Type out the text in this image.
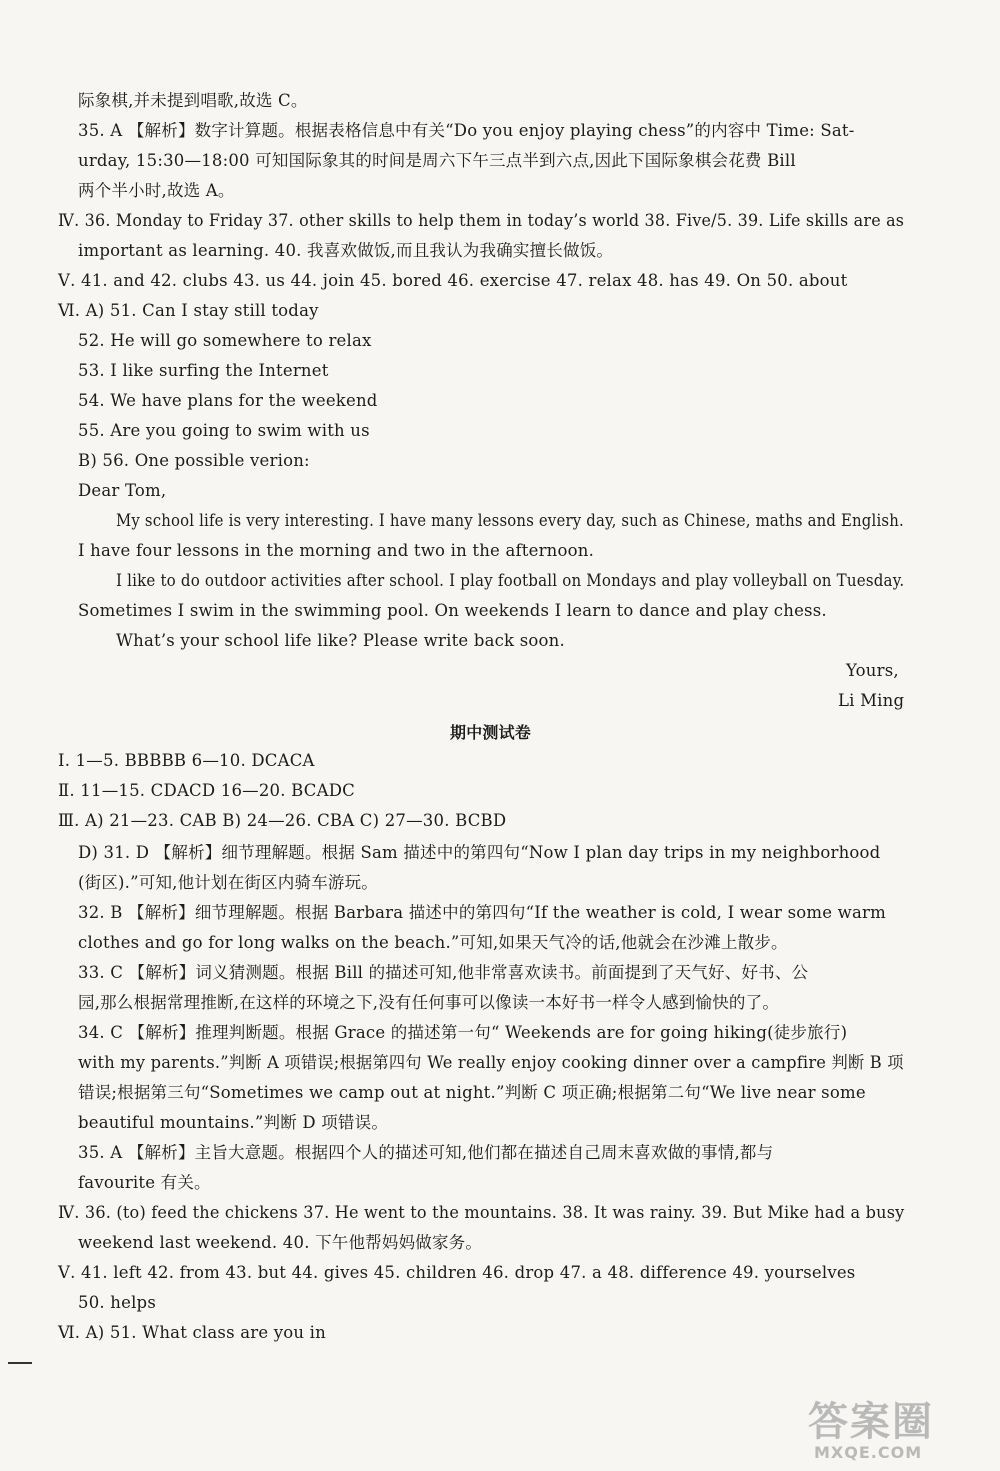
际象棋,并未提到唱歌,故选 C。
35. A 【解析】数字计算题。根据表格信息中有关“Do you enjoy playing chess”的内容中 Time: Sat-
urday, 15:30—18:00 可知国际象其的时间是周六下午三点半到六点,因此下国际象棋会花费 Bill
两个半小时,故选 A。
Ⅳ. 36. Monday to Friday 37. other skills to help them in today’s world 38. Five/5. 39. Life skills are as
important as learning. 40. 我喜欢做饭,而且我认为我确实擅长做饭。
Ⅴ. 41. and 42. clubs 43. us 44. join 45. bored 46. exercise 47. relax 48. has 49. On 50. about
Ⅵ. A) 51. Can I stay still today
52. He will go somewhere to relax
53. I like surfing the Internet
54. We have plans for the weekend
55. Are you going to swim with us
B) 56. One possible verion:
Dear Tom,
My school life is very interesting. I have many lessons every day, such as Chinese, maths and English.
I have four lessons in the morning and two in the afternoon.
I like to do outdoor activities after school. I play football on Mondays and play volleyball on Tuesday.
Sometimes I swim in the swimming pool. On weekends I learn to dance and play chess.
What’s your school life like? Please write back soon.
Yours,
Li Ming
期中测试卷
Ⅰ. 1—5. BBBBB 6—10. DCACA
Ⅱ. 11—15. CDACD 16—20. BCADC
Ⅲ. A) 21—23. CAB B) 24—26. CBA C) 27—30. BCBD
D) 31. D 【解析】细节理解题。根据 Sam 描述中的第四句“Now I plan day trips in my neighborhood
(街区).”可知,他计划在街区内骑车游玩。
32. B 【解析】细节理解题。根据 Barbara 描述中的第四句“If the weather is cold, I wear some warm
clothes and go for long walks on the beach.”可知,如果天气冷的话,他就会在沙滩上散步。
33. C 【解析】词义猜测题。根据 Bill 的描述可知,他非常喜欢读书。前面提到了天气好、好书、公
园,那么根据常理推断,在这样的环境之下,没有任何事可以像读一本好书一样令人感到愉快的了。
34. C 【解析】推理判断题。根据 Grace 的描述第一句“ Weekends are for going hiking(徒步旅行)
with my parents.”判断 A 项错误;根据第四句 We really enjoy cooking dinner over a campfire 判断 B 项
错误;根据第三句“Sometimes we camp out at night.”判断 C 项正确;根据第二句“We live near some
beautiful mountains.”判断 D 项错误。
35. A 【解析】主旨大意题。根据四个人的描述可知,他们都在描述自己周末喜欢做的事情,都与
favourite 有关。
Ⅳ. 36. (to) feed the chickens 37. He went to the mountains. 38. It was rainy. 39. But Mike had a busy
weekend last weekend. 40. 下午他帮妈妈做家务。
Ⅴ. 41. left 42. from 43. but 44. gives 45. children 46. drop 47. a 48. difference 49. yourselves
50. helps
Ⅵ. A) 51. What class are you in
答案圈
MXQE.COM
